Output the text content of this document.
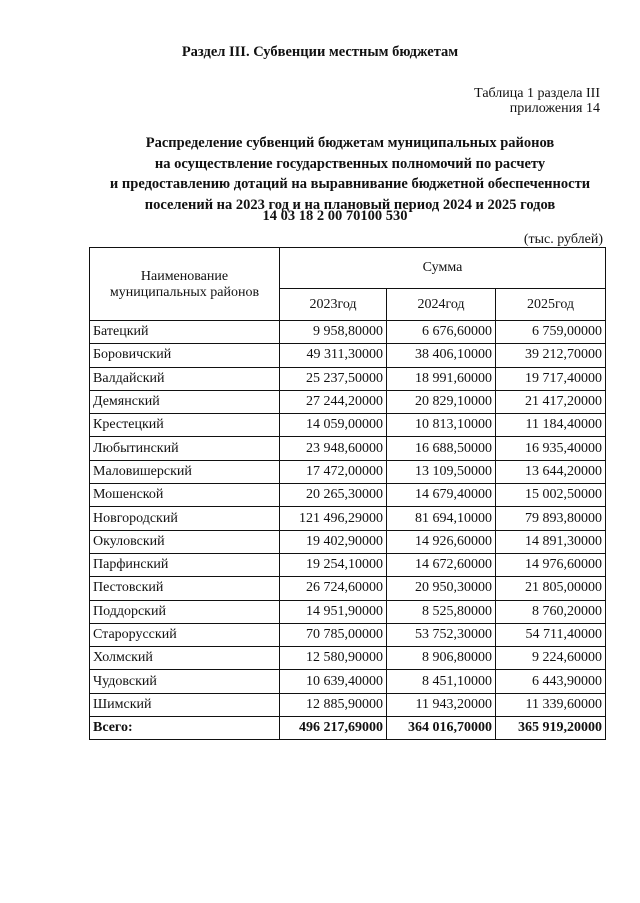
Раздел III. Субвенции местным бюджетам
Таблица 1 раздела III
приложения 14
Распределение субвенций бюджетам муниципальных районов
на осуществление государственных полномочий по расчету
и предоставлению дотаций на выравнивание бюджетной обеспеченности
поселений на 2023 год и на плановый период 2024 и 2025 годов
14 03 18 2 00 70100 530
(тыс. рублей)
Наименование
муниципальных районов	Сумма		
	2023год	2024год	2025год
Батецкий	9 958,80000	6 676,60000	6 759,00000
Боровичский	49 311,30000	38 406,10000	39 212,70000
Валдайский	25 237,50000	18 991,60000	19 717,40000
Демянский	27 244,20000	20 829,10000	21 417,20000
Крестецкий	14 059,00000	10 813,10000	11 184,40000
Любытинский	23 948,60000	16 688,50000	16 935,40000
Маловишерский	17 472,00000	13 109,50000	13 644,20000
Мошенской	20 265,30000	14 679,40000	15 002,50000
Новгородский	121 496,29000	81 694,10000	79 893,80000
Окуловский	19 402,90000	14 926,60000	14 891,30000
Парфинский	19 254,10000	14 672,60000	14 976,60000
Пестовский	26 724,60000	20 950,30000	21 805,00000
Поддорский	14 951,90000	8 525,80000	8 760,20000
Старорусский	70 785,00000	53 752,30000	54 711,40000
Холмский	12 580,90000	8 906,80000	9 224,60000
Чудовский	10 639,40000	8 451,10000	6 443,90000
Шимский	12 885,90000	11 943,20000	11 339,60000
Всего:	496 217,69000	364 016,70000	365 919,20000
